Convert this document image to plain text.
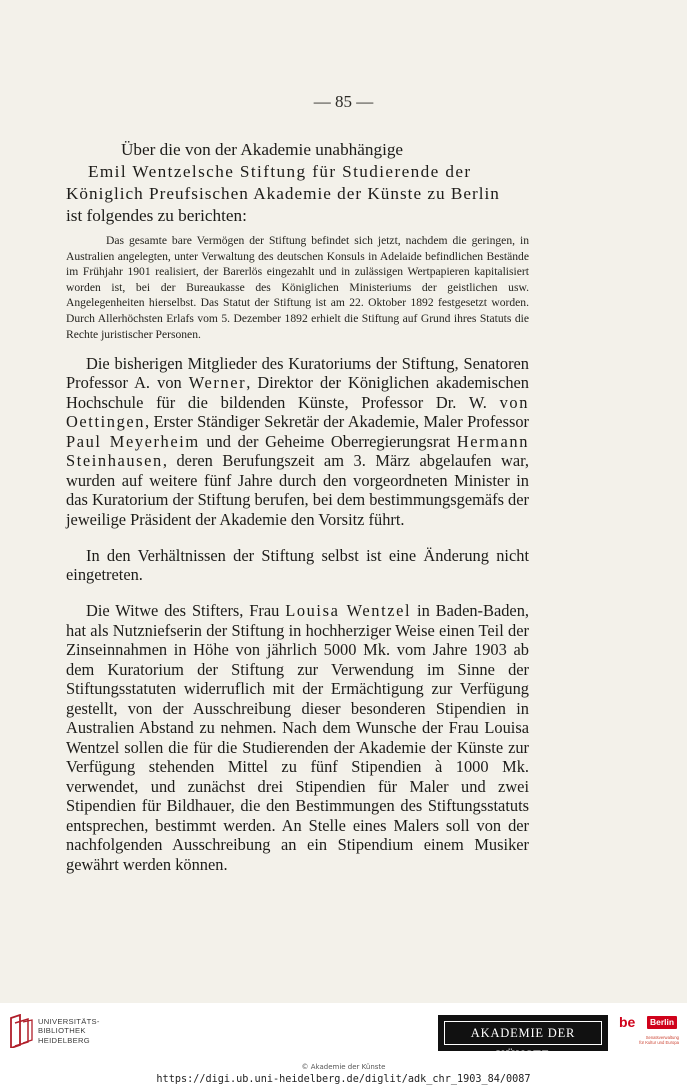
— 85 —
Über die von der Akademie unabhängige
Emil Wentzelsche Stiftung für Studierende der
Königlich Preufsischen Akademie der Künste zu Berlin
ist folgendes zu berichten:

Das gesamte bare Vermögen der Stiftung befindet sich jetzt, nachdem die geringen, in Australien angelegten, unter Verwaltung des deutschen Konsuls in Adelaide befindlichen Bestände im Frühjahr 1901 realisiert, der Barerlös eingezahlt und in zulässigen Wertpapieren kapitalisiert worden ist, bei der Bureaukasse des Königlichen Ministeriums der geistlichen usw. Angelegenheiten hierselbst. Das Statut der Stiftung ist am 22. Oktober 1892 festgesetzt worden. Durch Allerhöchsten Erlafs vom 5. Dezember 1892 erhielt die Stiftung auf Grund ihres Statuts die Rechte juristischer Personen.

Die bisherigen Mitglieder des Kuratoriums der Stiftung, Senatoren Professor A. von Werner, Direktor der Königlichen akademischen Hochschule für die bildenden Künste, Professor Dr. W. von Oettingen, Erster Ständiger Sekretär der Akademie, Maler Professor Paul Meyerheim und der Geheime Oberregierungsrat Hermann Steinhausen, deren Berufungszeit am 3. März abgelaufen war, wurden auf weitere fünf Jahre durch den vorgeordneten Minister in das Kuratorium der Stiftung berufen, bei dem bestimmungsgemäfs der jeweilige Präsident der Akademie den Vorsitz führt.

In den Verhältnissen der Stiftung selbst ist eine Änderung nicht eingetreten.

Die Witwe des Stifters, Frau Louisa Wentzel in Baden-Baden, hat als Nutzniefserin der Stiftung in hochherziger Weise einen Teil der Zinseinnahmen in Höhe von jährlich 5000 Mk. vom Jahre 1903 ab dem Kuratorium der Stiftung zur Verwendung im Sinne der Stiftungsstatuten widerruflich mit der Ermächtigung zur Verfügung gestellt, von der Ausschreibung dieser besonderen Stipendien in Australien Abstand zu nehmen. Nach dem Wunsche der Frau Louisa Wentzel sollen die für die Studierenden der Akademie der Künste zur Verfügung stehenden Mittel zu fünf Stipendien à 1000 Mk. verwendet, und zunächst drei Stipendien für Maler und zwei Stipendien für Bildhauer, die den Bestimmungen des Stiftungsstatuts entsprechen, bestimmt werden. An Stelle eines Malers soll von der nachfolgenden Ausschreibung an ein Stipendium einem Musiker gewährt werden können.

UNIVERSITÄTS-
BIBLIOTHEK
HEIDELBERG
AKADEMIE DER KÜNSTE
be	Berlin
Senatsverwaltung
für Kultur und Europa
© Akademie der Künste
https://digi.ub.uni-heidelberg.de/diglit/adk_chr_1903_84/0087
